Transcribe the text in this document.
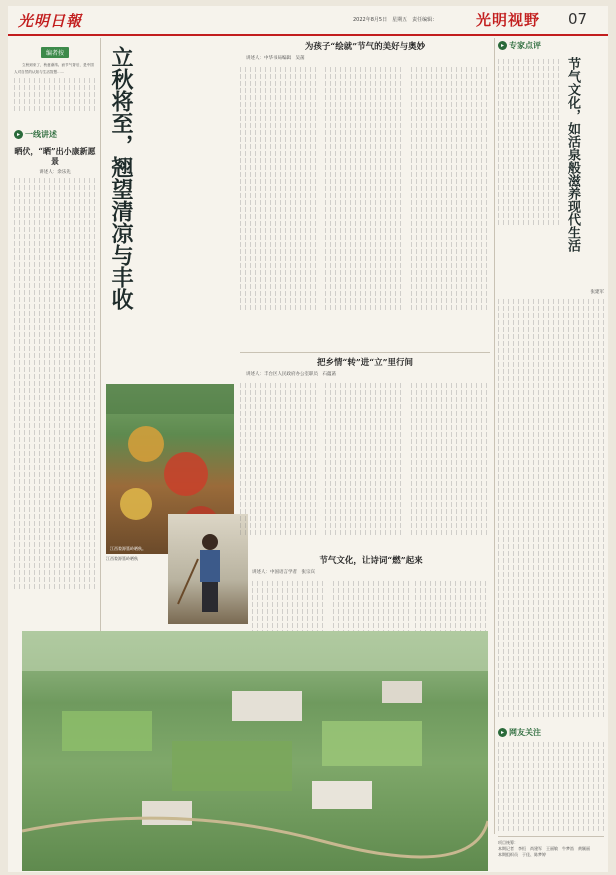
光明日報	2022年8月5日　星期五　责任编辑：	光明视野 07
编者按

立秋到来了，秋意渐浓。而节气背后，是中国人对自然的认知与生活智慧……

▸ 一线讲述
晒伏，“晒”出小康新愿景
讲述人：余乐先	立秋将至，翘望清凉与丰收
江西婺源篁岭晒秋。
江西婺源篁岭晒秋
为孩子“绘就”节气的美好与奥妙
讲述人：中华书局编辑　吴菡
把乡情“转”进“立”里行间
讲述人：丰台区人民政府办公室职员　石蕴菡
节气文化，让诗词“燃”起来
讲述人：中国语言学者　张宗宾
▸ 专家点评
节气文化，如活泉般滋养现代生活
张建军
▸ 网友关注
项目统筹：
本期记者　李恒　尚建军　王丽敏　牛梦笛　黄颖丽
本期组织员　于佳、陈梦婷
